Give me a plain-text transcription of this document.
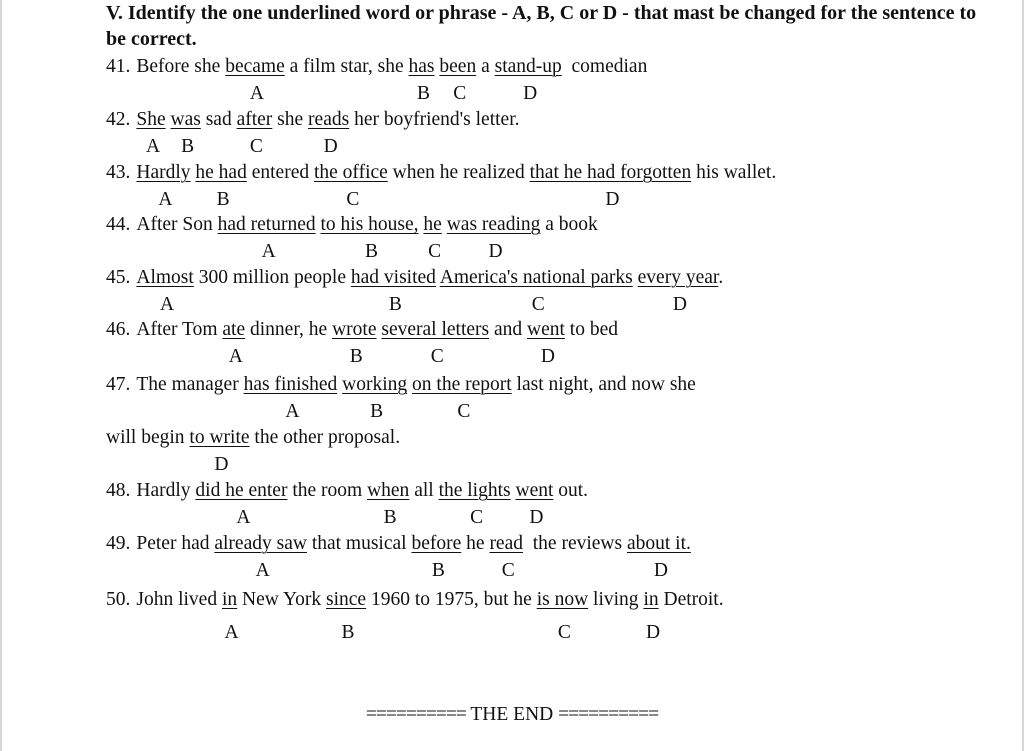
V. Identify the one underlined word or phrase - A, B, C or D - that mast be changed for the sentence to be correct.

41. Before she became a film star, she has been a stand-up  comedian
42. She was sad after she reads her boyfriend's letter.
43. Hardly he had entered the office when he realized that he had forgotten his wallet.
44. After Son had returned to his house, he was reading a book
45. Almost 300 million people had visited America's national parks every year.
46. After Tom ate dinner, he wrote several letters and went to bed
47. The manager has finished working on the report last night, and now she
will begin to write the other proposal.
48. Hardly did he enter the room when all the lights went out.
49. Peter had already saw that musical before he read  the reviews about it.
50. John lived in New York since 1960 to 1975, but he is now living in Detroit.
A	B C	D
A B	C	D
A B	C	D
A	B	C D
A	B	C	D
A	B	C	D
A	B	C
D
A	B	C D
A	B	C	D
A	B	C	D
========== THE END ==========
